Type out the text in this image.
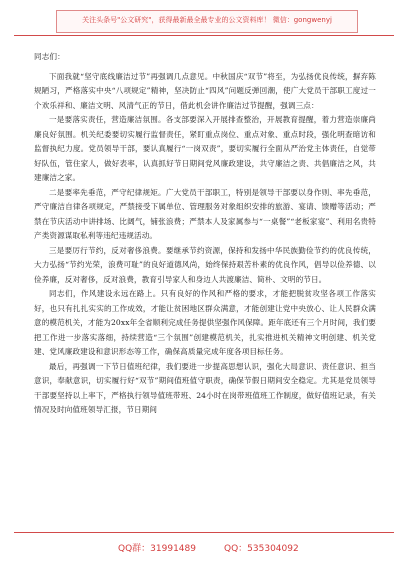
关注头条号"公文研究"，获得最新最全最专业的公文资料库！ 微信：gongwenyj

同志们：

下面我就“坚守底线廉洁过节”再强调几点意见。中秋国庆“双节”将至，为弘扬优良传统，摒弃陈规陋习，严格落实中央“八项规定”精神，坚决防止“四风”问题反弹回潮，使广大党员干部职工度过一个欢乐祥和、廉洁文明、风清气正的节日，借此机会讲作廉洁过节提醒，强调三点：

一是要落实责任，营造廉洁氛围。各支部要深入开展排查整治，开展教育提醒，着力营造崇廉尚廉良好氛围。机关纪委要切实履行监督责任，紧盯重点岗位、重点对象、重点时段，强化明查暗访和监督执纪力度。党员领导干部，要认真履行“一岗双责”，要切实履行全面从严治党主体责任，自觉带好队伍，管住家人，做好表率，认真抓好节日期间党风廉政建设，共守廉洁之责、共倡廉洁之风，共建廉洁之家。

二是要率先垂范，严守纪律规矩。广大党员干部职工，特别是领导干部要以身作则、率先垂范，严守廉洁自律各项规定，严禁接受下属单位、管理服务对象组织安排的旅游、宴请、馈赠等活动；严禁在节庆活动中讲排场、比阔气，铺张浪费；严禁本人及家属参与“一桌餐”“老板家宴”、利用名贵特产类资源谋取私利等违纪违规活动。

三是要厉行节约，反对奢侈浪费。要继承节约资源，保持和发扬中华民族勤俭节约的优良传统，大力弘扬“节约光荣，浪费可耻”的良好道德风尚，始终保持艰苦朴素的优良作风，倡导以俭养德、以俭养廉，反对奢侈，反对浪费，教育引导家人和身边人共渡廉洁、简朴、文明的节日。

同志们，作风建设永远在路上。只有良好的作风和严格的要求，才能把脱贫攻坚各项工作落实好，也只有扎扎实实的工作成效，才能让贫困地区群众满意，才能创建让党中央放心、让人民群众满意的模范机关，才能为20xx年全省顺利完成任务提供坚强作风保障。距年底还有三个月时间，我们要把工作进一步落实落细，持续营造“三个氛围”创建模范机关，扎实推进机关精神文明创建、机关党建、党风廉政建设和意识形态等工作，确保高质量完成年度各项目标任务。

最后，再强调一下节日值班纪律，我们要进一步提高思想认识，强化大局意识、责任意识、担当意识，奉献意识，切实履行好“双节”期间值班值守职责，确保节假日期间安全稳定。尤其是党员领导干部要坚持以上率下，严格执行领导值班带班、24小时在岗带班值班工作制度，做好值班记录，有关情况及时向值班领导汇报，节日期间

QQ群：31991489	QQ：535304092
